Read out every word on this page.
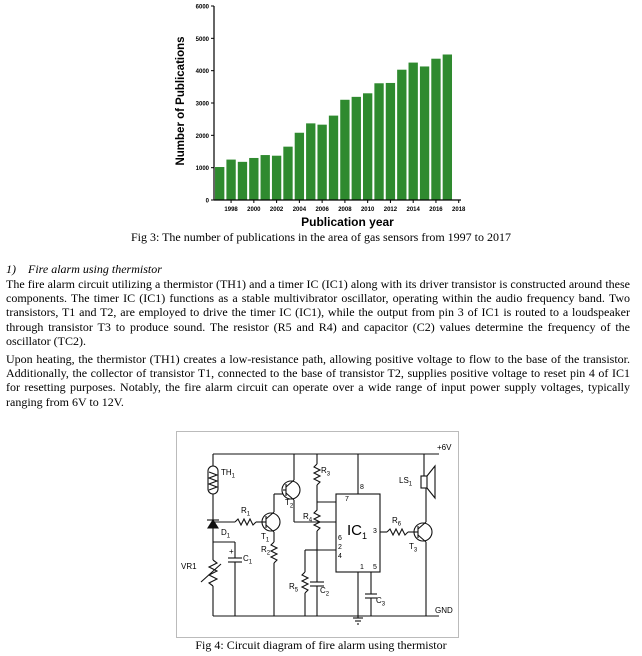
0
1000
2000
3000
4000
5000
6000
1998 2000 2002 2004 2006 2008 2010 2012 2014 2016 2018
Publication year
Number of Publications
Fig 3: The number of publications in the area of gas sensors from 1997 to 2017
1) Fire alarm using thermistor

The fire alarm circuit utilizing a thermistor (TH1) and a timer IC (IC1) along with its driver transistor is constructed around these components. The timer IC (IC1) functions as a stable multivibrator oscillator, operating within the audio frequency band. Two transistors, T1 and T2, are employed to drive the timer IC (IC1), while the output from pin 3 of IC1 is routed to a loudspeaker through transistor T3 to produce sound. The resistor (R5 and R4) and capacitor (C2) values determine the frequency of the oscillator (TC2).

Upon heating, the thermistor (TH1) creates a low-resistance path, allowing positive voltage to flow to the base of the transistor. Additionally, the collector of transistor T1, connected to the base of transistor T2, supplies positive voltage to reset pin 4 of IC1 for resetting purposes. Notably, the fire alarm circuit can operate over a wide range of input power supply voltages, typically ranging from 6V to 12V.

$TH_1$
VR1
$D_1$
+
$C_1$
$R_1$
$R_2$
$T_1$
$T_2$
$R_3$
$R_4$
$R_5$	$C_2$
$C_3$
$IC_1$
$R_6$
$T_3$
$LS_1$
+6V
GND
7
8
6
2
4
3
1 5
Fig 4: Circuit diagram of fire alarm using thermistor
